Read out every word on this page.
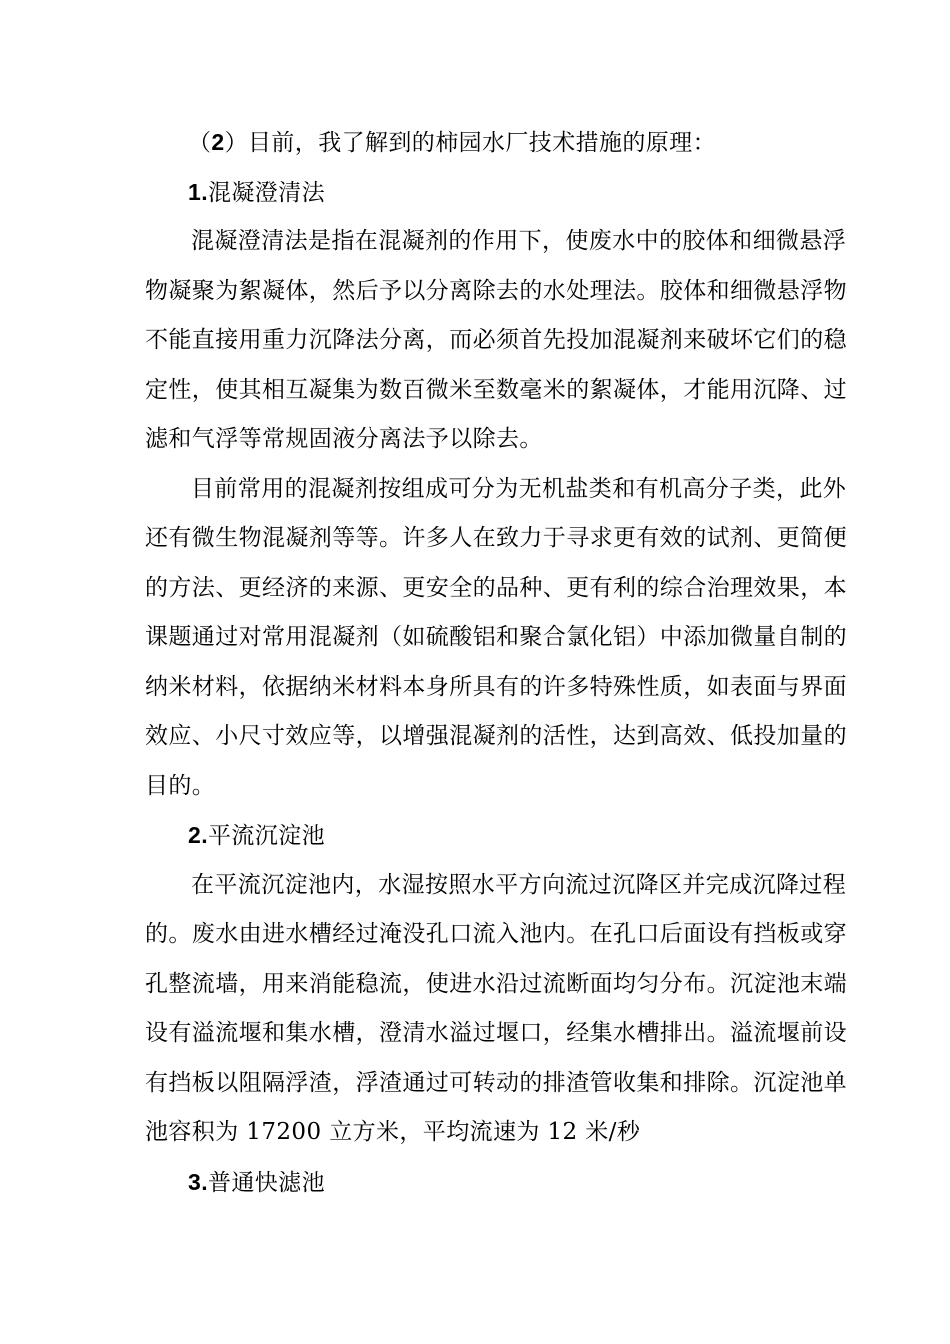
（2）目前，我了解到的柿园水厂技术措施的原理：
1.混凝澄清法
混凝澄清法是指在混凝剂的作用下，使废水中的胶体和细微悬浮
物凝聚为絮凝体，然后予以分离除去的水处理法。胶体和细微悬浮物
不能直接用重力沉降法分离，而必须首先投加混凝剂来破坏它们的稳
定性，使其相互凝集为数百微米至数毫米的絮凝体，才能用沉降、过
滤和气浮等常规固液分离法予以除去。
目前常用的混凝剂按组成可分为无机盐类和有机高分子类，此外
还有微生物混凝剂等等。许多人在致力于寻求更有效的试剂、更简便
的方法、更经济的来源、更安全的品种、更有利的综合治理效果，本
课题通过对常用混凝剂（如硫酸铝和聚合氯化铝）中添加微量自制的
纳米材料，依据纳米材料本身所具有的许多特殊性质，如表面与界面
效应、小尺寸效应等，以增强混凝剂的活性，达到高效、低投加量的
目的。
2.平流沉淀池
在平流沉淀池内，水湿按照水平方向流过沉降区并完成沉降过程
的。废水由进水槽经过淹没孔口流入池内。在孔口后面设有挡板或穿
孔整流墙，用来消能稳流，使进水沿过流断面均匀分布。沉淀池末端
设有溢流堰和集水槽，澄清水溢过堰口，经集水槽排出。溢流堰前设
有挡板以阻隔浮渣，浮渣通过可转动的排渣管收集和排除。沉淀池单
池容积为 17200 立方米，平均流速为 12 米/秒
3.普通快滤池
